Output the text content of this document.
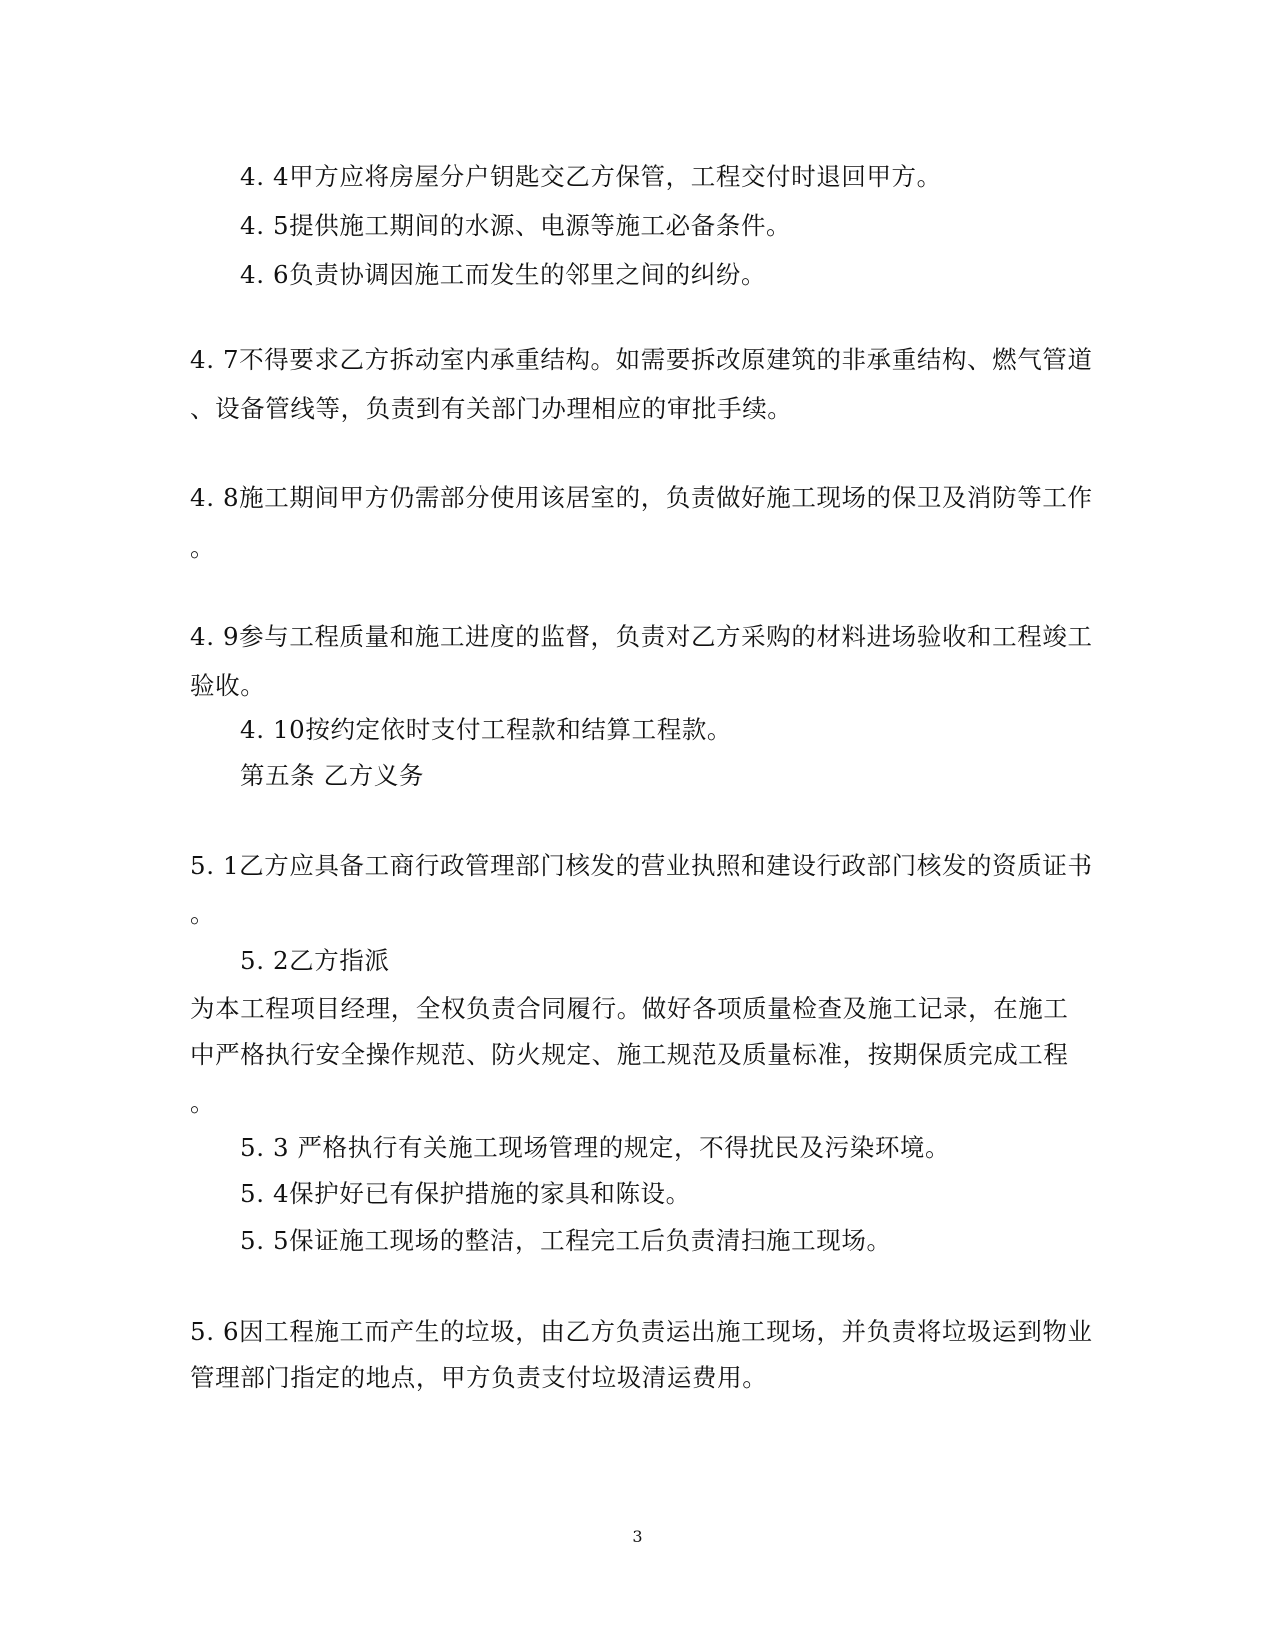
4. 4甲方应将房屋分户钥匙交乙方保管，工程交付时退回甲方。
4. 5提供施工期间的水源、电源等施工必备条件。
4. 6负责协调因施工而发生的邻里之间的纠纷。
4. 7不得要求乙方拆动室内承重结构。如需要拆改原建筑的非承重结构、燃气管道
、设备管线等，负责到有关部门办理相应的审批手续。
4. 8施工期间甲方仍需部分使用该居室的，负责做好施工现场的保卫及消防等工作
。
4. 9参与工程质量和施工进度的监督，负责对乙方采购的材料进场验收和工程竣工
验收。
4. 10按约定依时支付工程款和结算工程款。
第五条 乙方义务
5. 1乙方应具备工商行政管理部门核发的营业执照和建设行政部门核发的资质证书
。
5. 2乙方指派
为本工程项目经理，全权负责合同履行。做好各项质量检查及施工记录，在施工
中严格执行安全操作规范、防火规定、施工规范及质量标准，按期保质完成工程
。
5. 3 严格执行有关施工现场管理的规定，不得扰民及污染环境。
5. 4保护好已有保护措施的家具和陈设。
5. 5保证施工现场的整洁，工程完工后负责清扫施工现场。
5. 6因工程施工而产生的垃圾，由乙方负责运出施工现场，并负责将垃圾运到物业
管理部门指定的地点，甲方负责支付垃圾清运费用。
3
